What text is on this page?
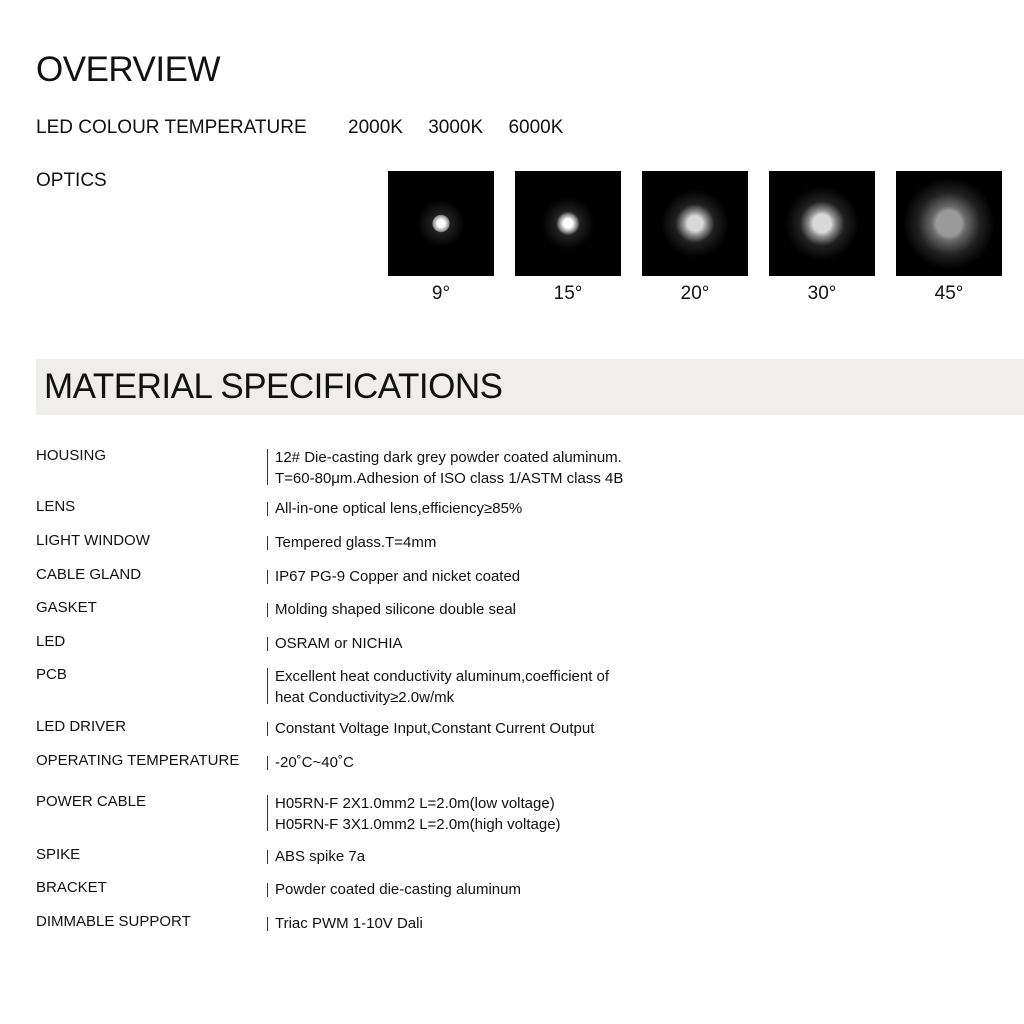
OVERVIEW
LED COLOUR TEMPERATURE 2000K 3000K 6000K
OPTICS
9°	15°	20°	30°	45°
MATERIAL SPECIFICATIONS
HOUSING	12# Die-casting dark grey powder coated aluminum.
T=60-80μm.Adhesion of ISO class 1/ASTM class 4B
LENS	All-in-one optical lens,efficiency≥85%
LIGHT WINDOW	Tempered glass.T=4mm
CABLE GLAND	IP67 PG-9 Copper and nicket coated
GASKET	Molding shaped silicone double seal
LED	OSRAM or NICHIA
PCB	Excellent heat conductivity aluminum,coefficient of
heat Conductivity≥2.0w/mk
LED DRIVER	Constant Voltage Input,Constant Current Output
OPERATING TEMPERATURE -20˚C~40˚C
POWER CABLE	H05RN-F 2X1.0mm2 L=2.0m(low voltage)
H05RN-F 3X1.0mm2 L=2.0m(high voltage)
SPIKE	ABS spike 7a
BRACKET	Powder coated die-casting aluminum
DIMMABLE SUPPORT	Triac PWM 1-10V Dali
